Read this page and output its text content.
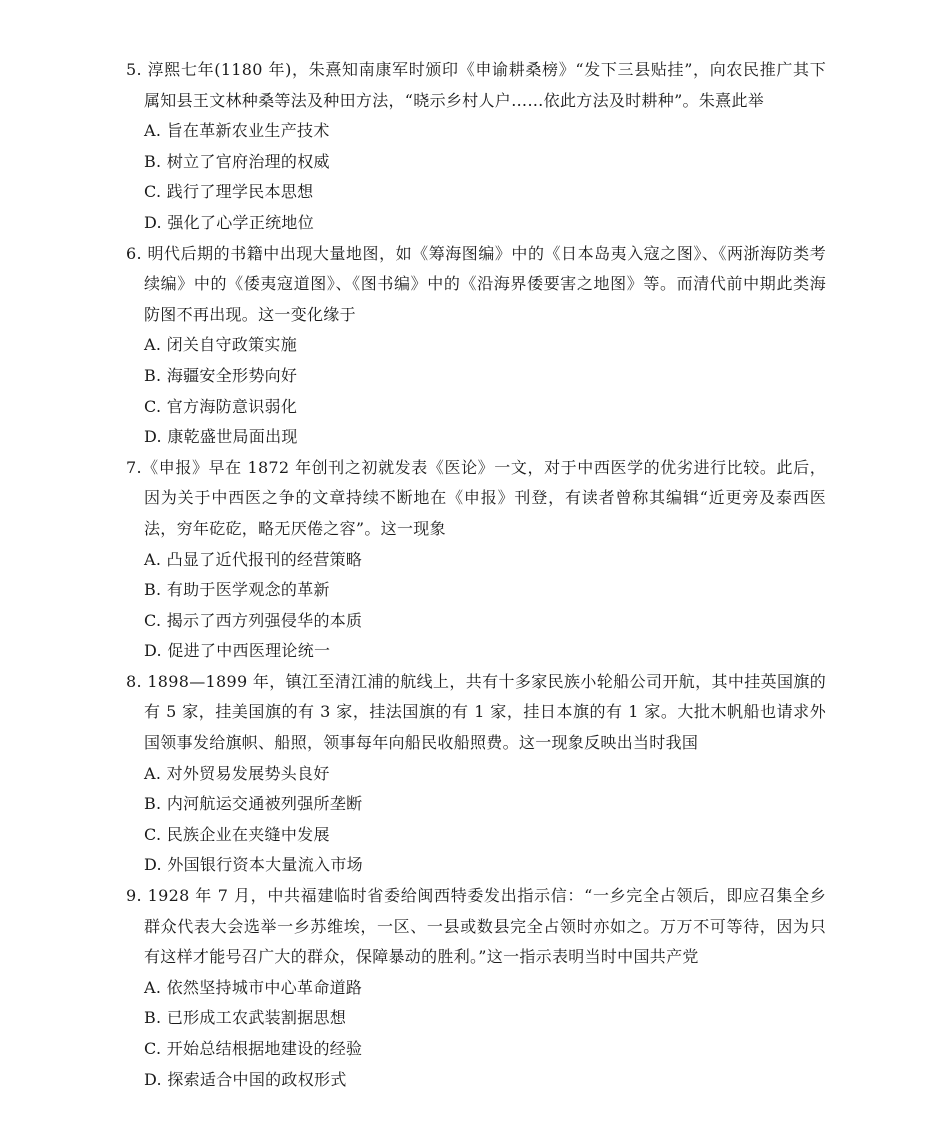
5. 淳熙七年(1180 年)，朱熹知南康军时颁印《申谕耕桑榜》“发下三县贴挂”，向农民推广其下属知县王文林种桑等法及种田方法，“晓示乡村人户……依此方法及时耕种”。朱熹此举

A. 旨在革新农业生产技术
B. 树立了官府治理的权威
C. 践行了理学民本思想
D. 强化了心学正统地位

6. 明代后期的书籍中出现大量地图，如《筹海图编》中的《日本岛夷入寇之图》、《两浙海防类考续编》中的《倭夷寇道图》、《图书编》中的《沿海界倭要害之地图》等。而清代前中期此类海防图不再出现。这一变化缘于

A. 闭关自守政策实施
B. 海疆安全形势向好
C. 官方海防意识弱化
D. 康乾盛世局面出现

7.《申报》早在 1872 年创刊之初就发表《医论》一文，对于中西医学的优劣进行比较。此后，因为关于中西医之争的文章持续不断地在《申报》刊登，有读者曾称其编辑“近更旁及泰西医法，穷年矻矻，略无厌倦之容”。这一现象

A. 凸显了近代报刊的经营策略
B. 有助于医学观念的革新
C. 揭示了西方列强侵华的本质
D. 促进了中西医理论统一

8. 1898—1899 年，镇江至清江浦的航线上，共有十多家民族小轮船公司开航，其中挂英国旗的有 5 家，挂美国旗的有 3 家，挂法国旗的有 1 家，挂日本旗的有 1 家。大批木帆船也请求外国领事发给旗帜、船照，领事每年向船民收船照费。这一现象反映出当时我国

A. 对外贸易发展势头良好
B. 内河航运交通被列强所垄断
C. 民族企业在夹缝中发展
D. 外国银行资本大量流入市场

9. 1928 年 7 月，中共福建临时省委给闽西特委发出指示信：“一乡完全占领后，即应召集全乡群众代表大会选举一乡苏维埃，一区、一县或数县完全占领时亦如之。万万不可等待，因为只有这样才能号召广大的群众，保障暴动的胜利。”这一指示表明当时中国共产党

A. 依然坚持城市中心革命道路
B. 已形成工农武装割据思想
C. 开始总结根据地建设的经验
D. 探索适合中国的政权形式
